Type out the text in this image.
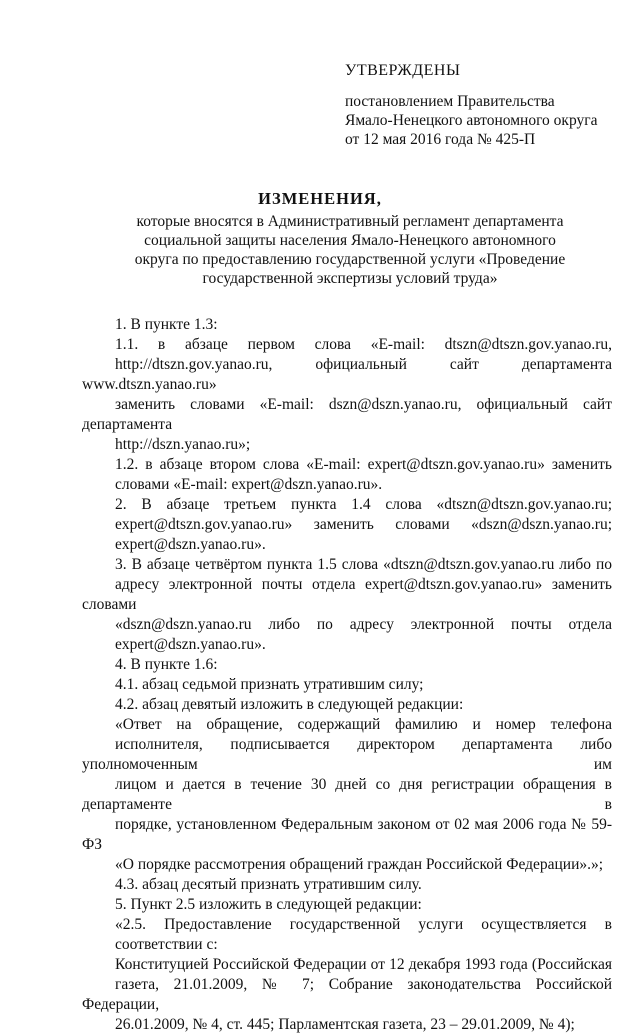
УТВЕРЖДЕНЫ
постановлением Правительства
Ямало-Ненецкого автономного округа
от 12 мая 2016 года № 425-П
ИЗМЕНЕНИЯ,
которые вносятся в Административный регламент департамента
социальной защиты населения Ямало-Ненецкого автономного
округа по предоставлению государственной услуги «Проведение
государственной экспертизы условий труда»

1. В пункте 1.3:

1.1. в абзаце первом слова «E-mail: dtszn@dtszn.gov.yanao.ru,
http://dtszn.gov.yanao.ru, официальный сайт департамента www.dtszn.yanao.ru»
заменить словами «E-mail: dszn@dszn.yanao.ru, официальный сайт департамента
http://dszn.yanao.ru»;

1.2. в абзаце втором слова «E-mail: expert@dtszn.gov.yanao.ru» заменить
словами «E-mail: expert@dszn.yanao.ru».

2. В абзаце третьем пункта 1.4 слова «dtszn@dtszn.gov.yanao.ru;
expert@dtszn.gov.yanao.ru» заменить словами «dszn@dszn.yanao.ru;
expert@dszn.yanao.ru».

3. В абзаце четвёртом пункта 1.5 слова «dtszn@dtszn.gov.yanao.ru либо по
адресу электронной почты отдела expert@dtszn.gov.yanao.ru» заменить словами
«dszn@dszn.yanao.ru либо по адресу электронной почты отдела
expert@dszn.yanao.ru».

4. В пункте 1.6:

4.1. абзац седьмой признать утратившим силу;

4.2. абзац девятый изложить в следующей редакции:

«Ответ на обращение, содержащий фамилию и номер телефона
исполнителя, подписывается директором департамента либо уполномоченным им
лицом и дается в течение 30 дней со дня регистрации обращения в департаменте в
порядке, установленном Федеральным законом от 02 мая 2006 года № 59-ФЗ
«О порядке рассмотрения обращений граждан Российской Федерации».»;

4.3. абзац десятый признать утратившим силу.

5. Пункт 2.5 изложить в следующей редакции:

«2.5. Предоставление государственной услуги осуществляется в
соответствии с:

Конституцией Российской Федерации от 12 декабря 1993 года (Российская
газета, 21.01.2009, № 7; Собрание законодательства Российской Федерации,
26.01.2009, № 4, ст. 445; Парламентская газета, 23 – 29.01.2009, № 4);
